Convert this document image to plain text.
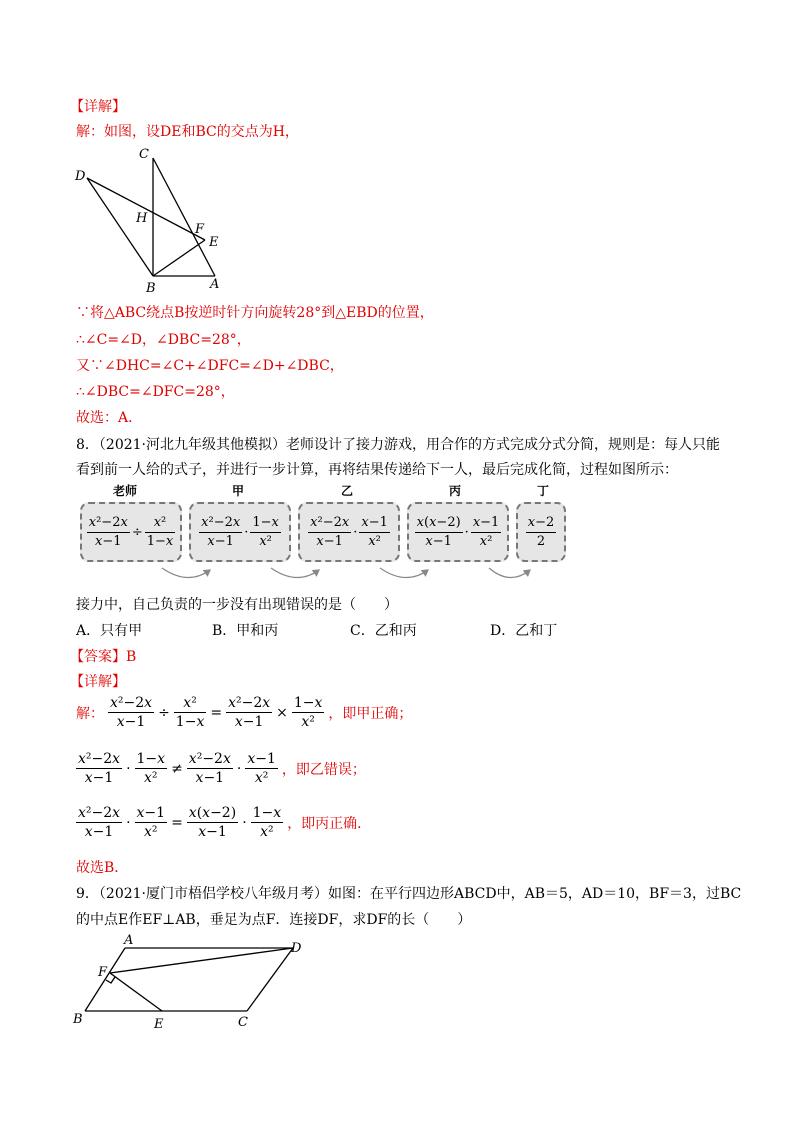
【详解】
解：如图，设DE和BC的交点为H，
C
D
H
F
E
B	A
∵将△ABC绕点B按逆时针方向旋转28°到△EBD的位置，
∴∠C=∠D，∠DBC=28°，
又∵∠DHC=∠C+∠DFC=∠D+∠DBC，
∴∠DBC=∠DFC=28°，
故选：A．
8．（2021·河北九年级其他模拟）老师设计了接力游戏，用合作的方式完成分式分简，规则是：每人只能
看到前一人给的式子，并进行一步计算，再将结果传递给下一人，最后完成化简，过程如图所示：
老师	甲	乙	丙	丁
$\frac{\text{x²−2x}}{x-1} \div \frac{\text{x²}}{1-x} \frac{\text{x²−2x}}{x-1} \cdot \frac{1-x}{\text{x²}} \frac{\text{x²−2x}}{x-1} \cdot \frac{x-1}{\text{x²}} \frac{x(x-2)}{x-1} \cdot \frac{x-1}{\text{x²}} \frac{x-2}{2}$
接力中，自己负责的一步没有出现错误的是（　　）
A．只有甲	B．甲和丙	C．乙和丙	D．乙和丁
【答案】B
【详解】
解： $\frac{\text{x²−2x}}{x-1} \div \frac{\text{x²}}{1-x} = \frac{\text{x²−2x}}{x-1} \times \frac{1-x}{\text{x²}}$ ，即甲正确；
$\frac{\text{x²−2x}}{x-1} \cdot \frac{1-x}{\text{x²}} \ne \frac{\text{x²−2x}}{x-1} \cdot \frac{x-1}{\text{x²}}$ ，即乙错误；
$\frac{\text{x²−2x}}{x-1} \cdot \frac{x-1}{\text{x²}} = \frac{x(x-2)}{x-1} \cdot \frac{1-x}{\text{x²}}$ ，即丙正确．
故选B．
9．（2021·厦门市梧侣学校八年级月考）如图：在平行四边形ABCD中，AB＝5，AD＝10，BF＝3，过BC
的中点E作EF⊥AB，垂足为点F．连接DF，求DF的长（　　）
A
D
F
B	E	C
